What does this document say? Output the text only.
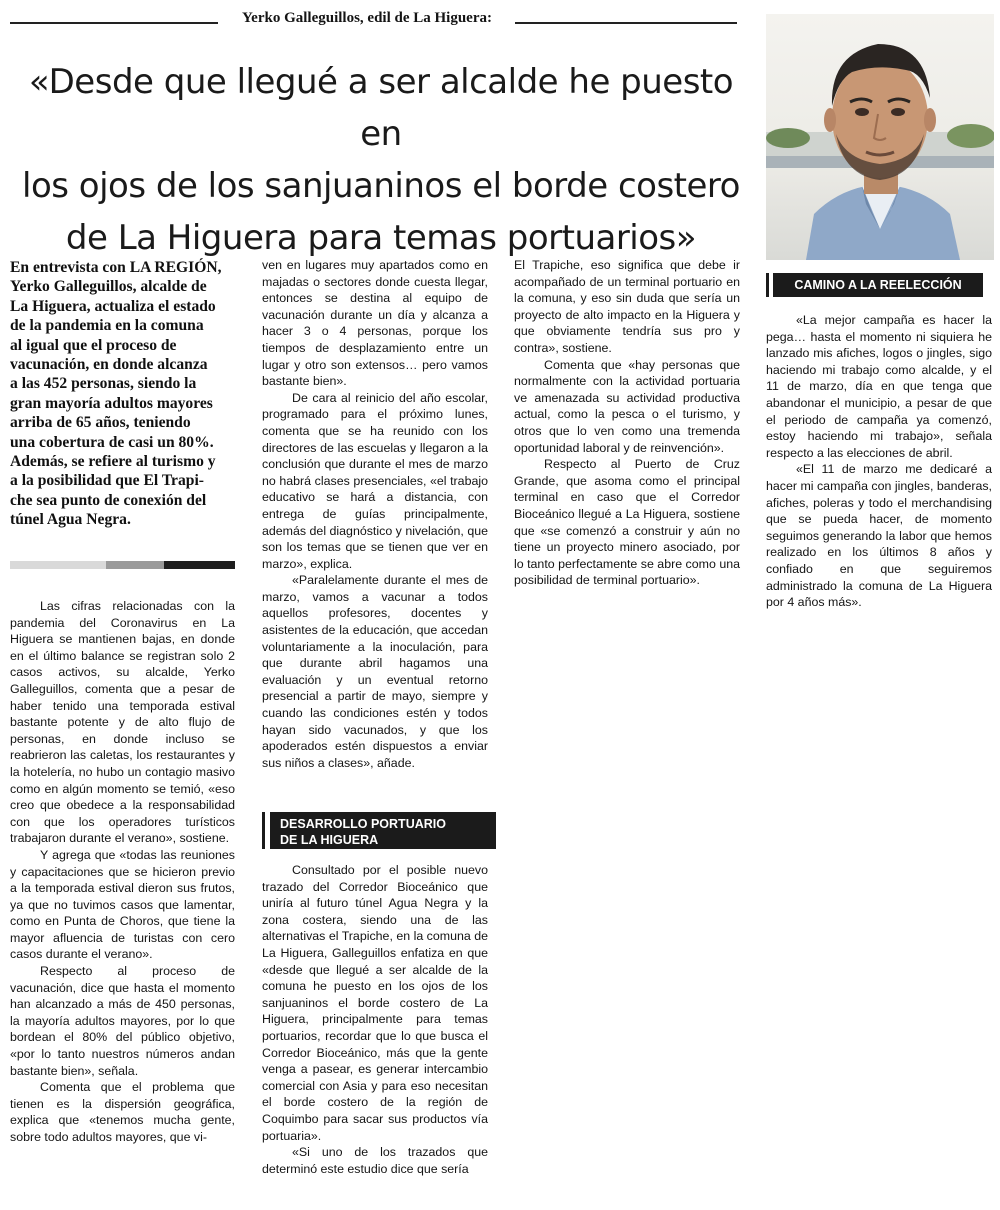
Yerko Galleguillos, edil de La Higuera:
«Desde que llegué a ser alcalde he puesto en
los ojos de los sanjuaninos el borde costero
de La Higuera para temas portuarios»
En entrevista con LA REGIÓN,
Yerko Galleguillos, alcalde de
La Higuera, actualiza el estado
de la pandemia en la comuna
al igual que el proceso de
vacunación, en donde alcanza
a las 452 personas, siendo la
gran mayoría adultos mayores
arriba de 65 años, teniendo
una cobertura de casi un 80%.
Además, se refiere al turismo y
a la posibilidad que El Trapi-
che sea punto de conexión del
túnel Agua Negra.

Las cifras relacionadas con la pandemia del Coronavirus en La Higuera se mantienen bajas, en donde en el último balance se registran solo 2 casos activos, su alcalde, Yerko Galleguillos, comenta que a pesar de haber tenido una temporada estival bastante potente y de alto flujo de personas, en donde incluso se reabrieron las caletas, los restaurantes y la hotelería, no hubo un contagio masivo como en algún momento se temió, «eso creo que obedece a la responsabilidad con que los operadores turísticos trabajaron durante el verano», sostiene.

Y agrega que «todas las reuniones y capacitaciones que se hicieron previo a la temporada estival dieron sus frutos, ya que no tuvimos casos que lamentar, como en Punta de Choros, que tiene la mayor afluencia de turistas con cero casos durante el verano».

Respecto al proceso de vacunación, dice que hasta el momento han alcanzado a más de 450 personas, la mayoría adultos mayores, por lo que bordean el 80% del público objetivo, «por lo tanto nuestros números andan bastante bien», señala.

Comenta que el problema que tienen es la dispersión geográfica, explica que «tenemos mucha gente, sobre todo adultos mayores, que vi-

ven en lugares muy apartados como en majadas o sectores donde cuesta llegar, entonces se destina al equipo de vacunación durante un día y alcanza a hacer 3 o 4 personas, porque los tiempos de desplazamiento entre un lugar y otro son extensos… pero vamos bastante bien».

De cara al reinicio del año escolar, programado para el próximo lunes, comenta que se ha reunido con los directores de las escuelas y llegaron a la conclusión que durante el mes de marzo no habrá clases presenciales, «el trabajo educativo se hará a distancia, con entrega de guías principalmente, además del diagnóstico y nivelación, que son los temas que se tienen que ver en marzo», explica.

«Paralelamente durante el mes de marzo, vamos a vacunar a todos aquellos profesores, docentes y asistentes de la educación, que accedan voluntariamente a la inoculación, para que durante abril hagamos una evaluación y un eventual retorno presencial a partir de mayo, siempre y cuando las condiciones estén y todos hayan sido vacunados, y que los apoderados estén dispuestos a enviar sus niños a clases», añade.

DESARROLLO PORTUARIO
DE LA HIGUERA

Consultado por el posible nuevo trazado del Corredor Bioceánico que uniría al futuro túnel Agua Negra y la zona costera, siendo una de las alternativas el Trapiche, en la comuna de La Higuera, Galleguillos enfatiza en que «desde que llegué a ser alcalde de la comuna he puesto en los ojos de los sanjuaninos el borde costero de La Higuera, principalmente para temas portuarios, recordar que lo que busca el Corredor Bioceánico, más que la gente venga a pasear, es generar intercambio comercial con Asia y para eso necesitan el borde costero de la región de Coquimbo para sacar sus productos vía portuaria».

«Si uno de los trazados que determinó este estudio dice que sería

El Trapiche, eso significa que debe ir acompañado de un terminal portuario en la comuna, y eso sin duda que sería un proyecto de alto impacto en la Higuera y que obviamente tendría sus pro y contra», sostiene.

Comenta que «hay personas que normalmente con la actividad portuaria ve amenazada su actividad productiva actual, como la pesca o el turismo, y otros que lo ven como una tremenda oportunidad laboral y de reinvención».

Respecto al Puerto de Cruz Grande, que asoma como el principal terminal en caso que el Corredor Bioceánico llegué a La Higuera, sostiene que «se comenzó a construir y aún no tiene un proyecto minero asociado, por lo tanto perfectamente se abre como una posibilidad de terminal portuario».

CAMINO A LA REELECCIÓN

«La mejor campaña es hacer la pega… hasta el momento ni siquiera he lanzado mis afiches, logos o jingles, sigo haciendo mi trabajo como alcalde, y el 11 de marzo, día en que tenga que abandonar el municipio, a pesar de que el periodo de campaña ya comenzó, estoy haciendo mi trabajo», señala respecto a las elecciones de abril.

«El 11 de marzo me dedicaré a hacer mi campaña con jingles, banderas, afiches, poleras y todo el merchandising que se pueda hacer, de momento seguimos generando la labor que hemos realizado en los últimos 8 años y confiado en que seguiremos administrado la comuna de La Higuera por 4 años más».
